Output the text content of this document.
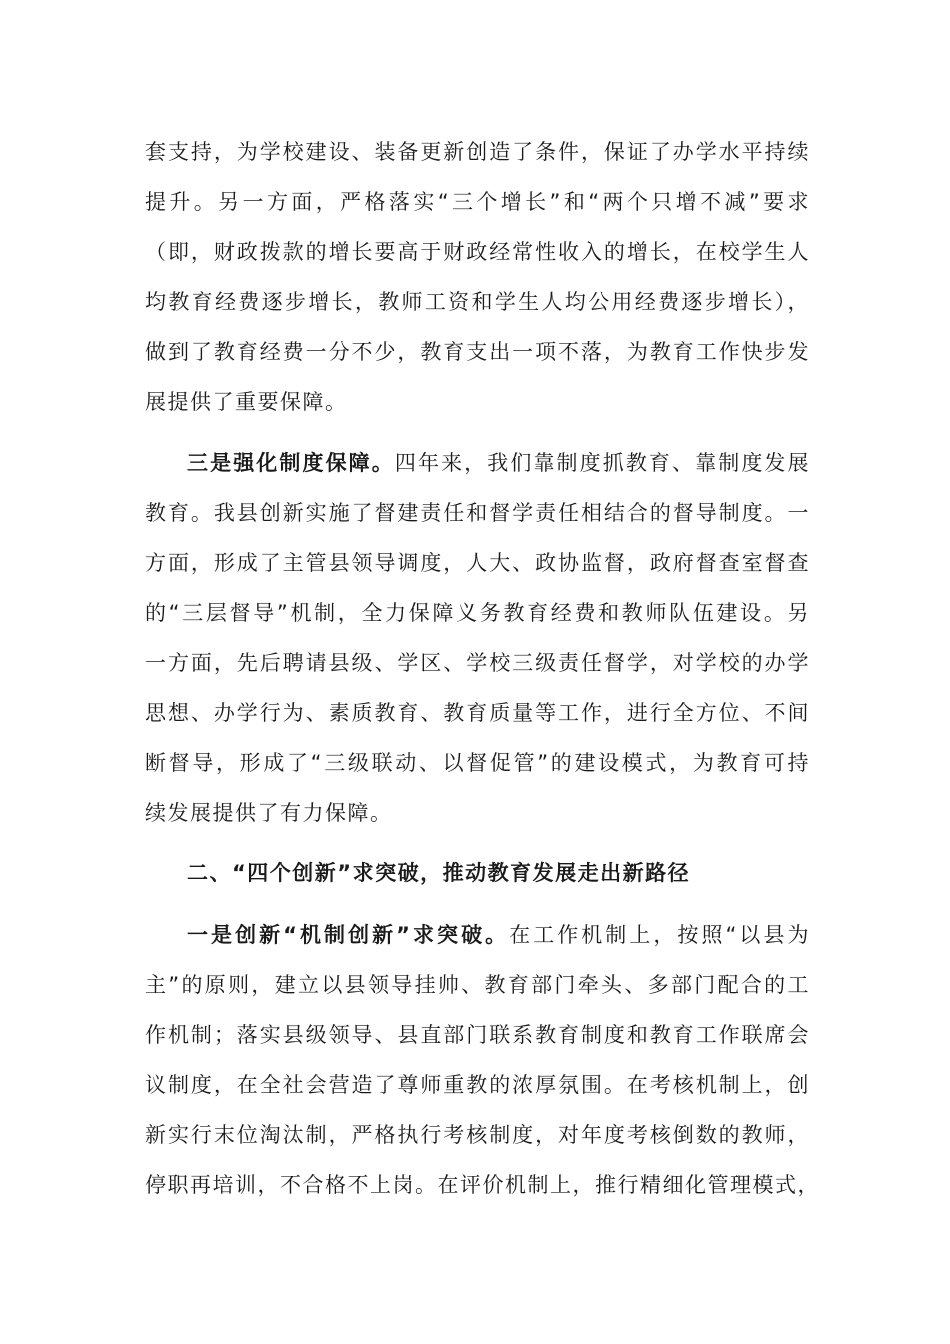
套支持，为学校建设、装备更新创造了条件，保证了办学水平持续
提升。另一方面，严格落实“三个增长”和“两个只增不减”要求
（即，财政拨款的增长要高于财政经常性收入的增长，在校学生人
均教育经费逐步增长，教师工资和学生人均公用经费逐步增长），
做到了教育经费一分不少，教育支出一项不落，为教育工作快步发
展提供了重要保障。
三是强化制度保障。四年来，我们靠制度抓教育、靠制度发展
教育。我县创新实施了督建责任和督学责任相结合的督导制度。一
方面，形成了主管县领导调度，人大、政协监督，政府督查室督查
的“三层督导”机制，全力保障义务教育经费和教师队伍建设。另
一方面，先后聘请县级、学区、学校三级责任督学，对学校的办学
思想、办学行为、素质教育、教育质量等工作，进行全方位、不间
断督导，形成了“三级联动、以督促管”的建设模式，为教育可持
续发展提供了有力保障。
二、“四个创新”求突破，推动教育发展走出新路径
一是创新“机制创新”求突破。在工作机制上，按照“以县为
主”的原则，建立以县领导挂帅、教育部门牵头、多部门配合的工
作机制；落实县级领导、县直部门联系教育制度和教育工作联席会
议制度，在全社会营造了尊师重教的浓厚氛围。在考核机制上，创
新实行末位淘汰制，严格执行考核制度，对年度考核倒数的教师，
停职再培训，不合格不上岗。在评价机制上，推行精细化管理模式，
